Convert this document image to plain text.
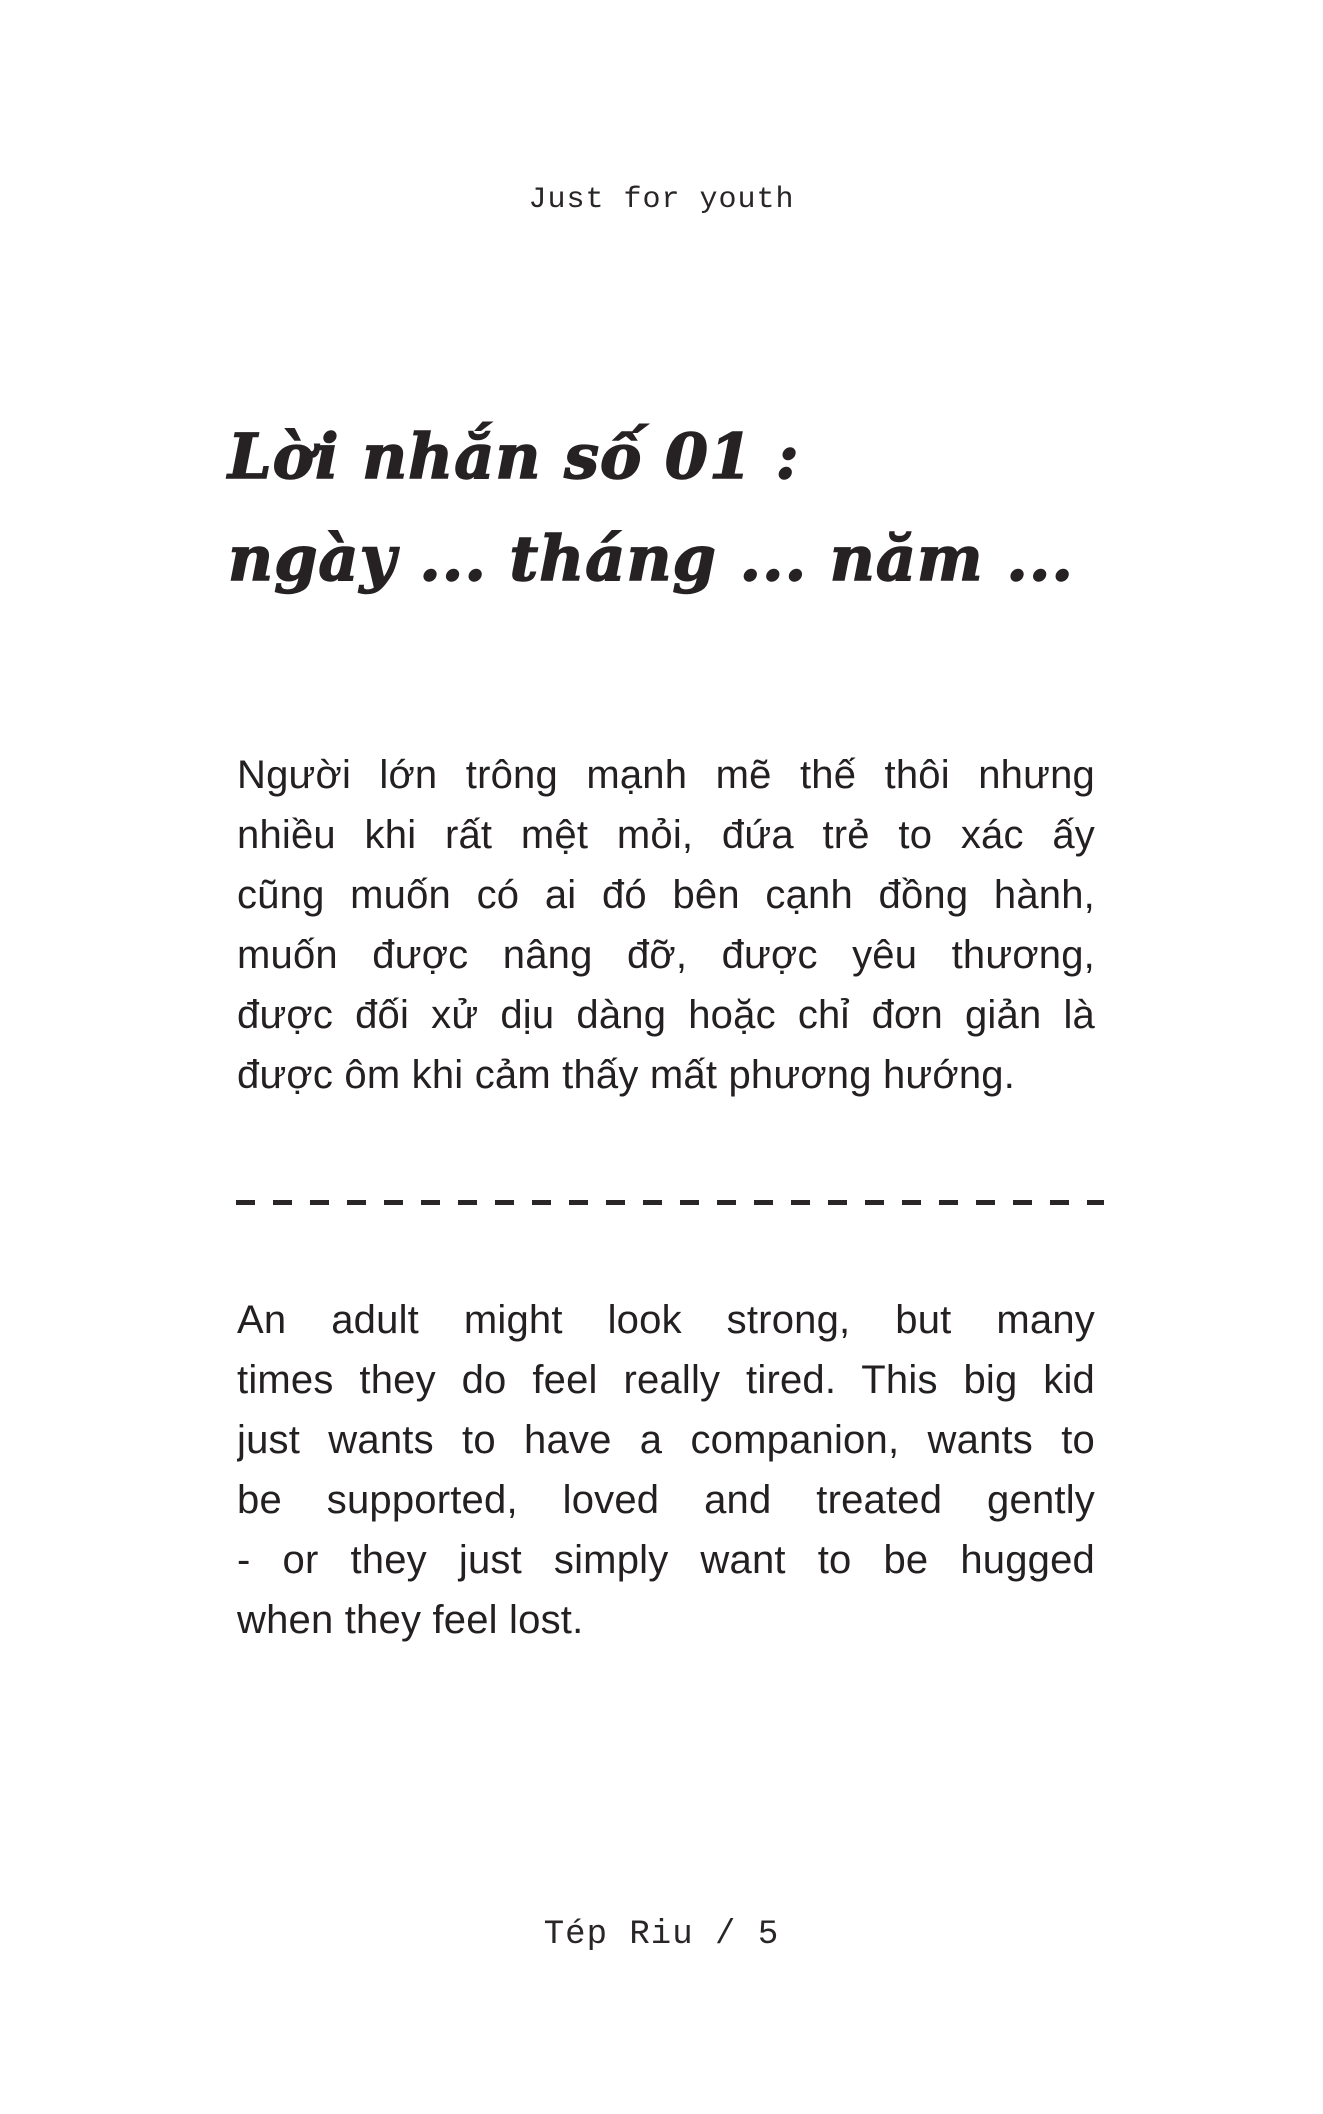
Just for youth
Lời nhắn số 01 :
ngày ... tháng ... năm ...
Người lớn trông mạnh mẽ thế thôi nhưng
nhiều khi rất mệt mỏi, đứa trẻ to xác ấy
cũng muốn có ai đó bên cạnh đồng hành,
muốn được nâng đỡ, được yêu thương,
được đối xử dịu dàng hoặc chỉ đơn giản là
được ôm khi cảm thấy mất phương hướng.
An adult might look strong, but many
times they do feel really tired. This big kid
just wants to have a companion, wants to
be supported, loved and treated gently
- or they just simply want to be hugged
when they feel lost.
Tép Riu / 5
